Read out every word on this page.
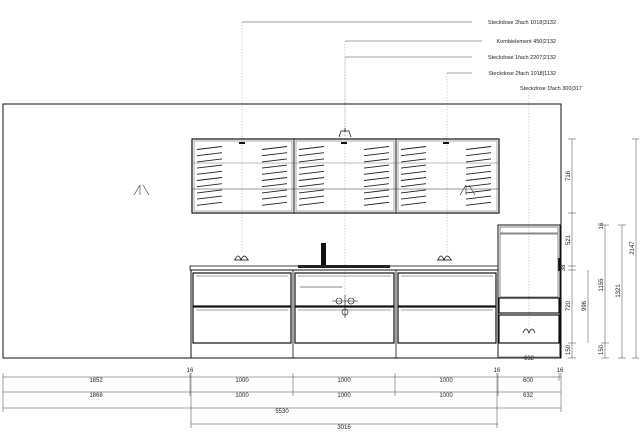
Steckdose 2fach 1018|3132
Kombielement 450|2132
Steckdose 1fach 2207|2132
Steckdose 2fach 1018|1132
Steckdose 1fach 300|317
716
521
38
16
720 996
1155 1321
2147
150	150
632
1852
16
1000	1000	1000
16
600
16
1868	1000	1000	1000	632
5530
3016
